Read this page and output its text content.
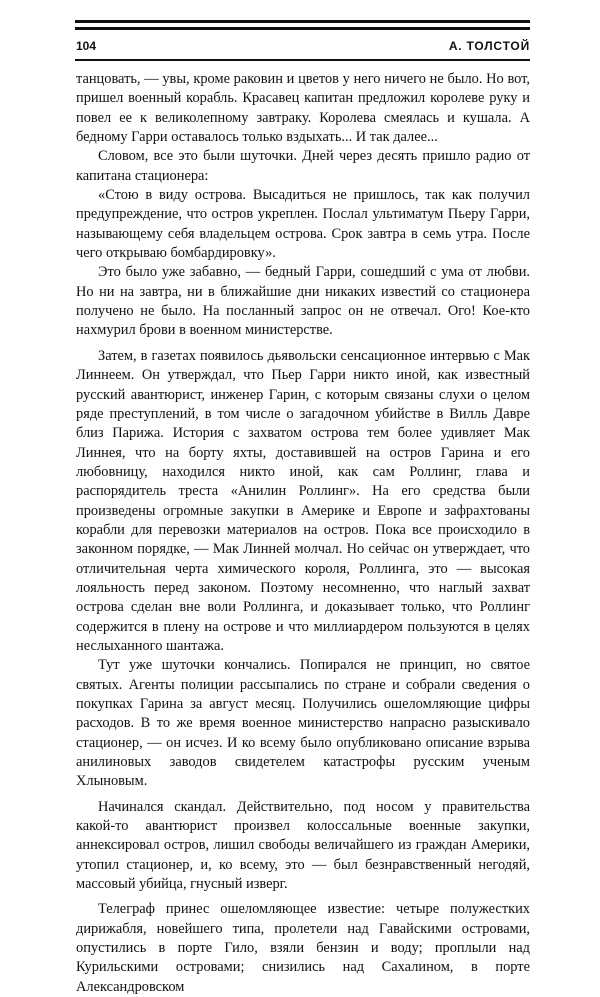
104	А. ТОЛСТОЙ

танцовать, — увы, кроме раковин и цветов у него ничего не было. Но вот, пришел военный корабль. Красавец капитан предложил королеве руку и повел ее к великолепному завтраку. Королева смеялась и кушала. А бедному Гарри оставалось только вздыхать... И так далее...

Словом, все это были шуточки. Дней через десять пришло радио от капитана стационера:

«Стою в виду острова. Высадиться не пришлось, так как получил предупреждение, что остров укреплен. Послал ультиматум Пьеру Гарри, называющему себя владельцем острова. Срок завтра в семь утра. После чего открываю бомбардировку».

Это было уже забавно, — бедный Гарри, сошедший с ума от любви. Но ни на завтра, ни в ближайшие дни никаких известий со стационера получено не было. На посланный запрос он не отвечал. Ого! Кое-кто нахмурил брови в военном министерстве.

Затем, в газетах появилось дьявольски сенсационное интервью с Мак Линнеем. Он утверждал, что Пьер Гарри никто иной, как известный русский авантюрист, инженер Гарин, с которым связаны слухи о целом ряде преступлений, в том числе о загадочном убийстве в Вилль Давре близ Парижа. История с захватом острова тем более удивляет Мак Линнея, что на борту яхты, доставившей на остров Гарина и его любовницу, находился никто иной, как сам Роллинг, глава и распорядитель треста «Анилин Роллинг». На его средства были произведены огромные закупки в Америке и Европе и зафрахтованы корабли для перевозки материалов на остров. Пока все происходило в законном порядке, — Мак Линней молчал. Но сейчас он утверждает, что отличительная черта химического короля, Роллинга, это — высокая лояльность перед законом. Поэтому несомненно, что наглый захват острова сделан вне воли Роллинга, и доказывает только, что Роллинг содержится в плену на острове и что миллиардером пользуются в целях неслыханного шантажа.

Тут уже шуточки кончались. Попирался не принцип, но святое святых. Агенты полиции рассыпались по стране и собрали сведения о покупках Гарина за август месяц. Получились ошеломляющие цифры расходов. В то же время военное министерство напрасно разыскивало стационер, — он исчез. И ко всему было опубликовано описание взрыва анилиновых заводов свидетелем катастрофы русским ученым Хлыновым.

Начинался скандал. Действительно, под носом у правительства какой-то авантюрист произвел колоссальные военные закупки, аннексировал остров, лишил свободы величайшего из граждан Америки, утопил стационер, и, ко всему, это — был безнравственный негодяй, массовый убийца, гнусный изверг.

Телеграф принес ошеломляющее известие: четыре полужестких дирижабля, новейшего типа, пролетели над Гавайскими островами, опустились в порте Гило, взяли бензин и воду; проплыли над Курильскими островами; снизились над Сахалином, в порте Александровском
